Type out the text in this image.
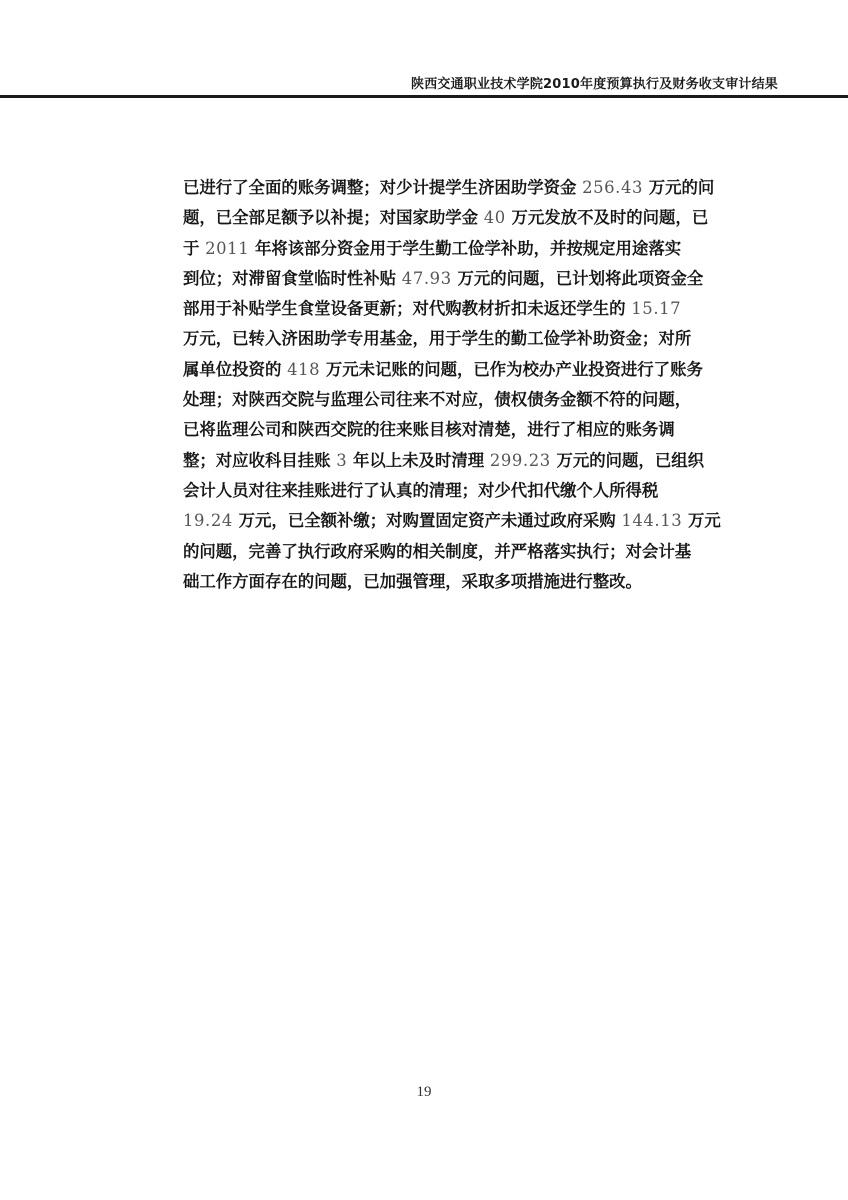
陕西交通职业技术学院2010年度预算执行及财务收支审计结果
已进行了全面的账务调整；对少计提学生济困助学资金 256.43 万元的问
题，已全部足额予以补提；对国家助学金 40 万元发放不及时的问题，已
于 2011 年将该部分资金用于学生勤工俭学补助，并按规定用途落实
到位；对滞留食堂临时性补贴 47.93 万元的问题，已计划将此项资金全
部用于补贴学生食堂设备更新；对代购教材折扣未返还学生的 15.17
万元，已转入济困助学专用基金，用于学生的勤工俭学补助资金；对所
属单位投资的 418 万元未记账的问题，已作为校办产业投资进行了账务
处理；对陕西交院与监理公司往来不对应，债权债务金额不符的问题，
已将监理公司和陕西交院的往来账目核对清楚，进行了相应的账务调
整；对应收科目挂账 3 年以上未及时清理 299.23 万元的问题，已组织
会计人员对往来挂账进行了认真的清理；对少代扣代缴个人所得税
19.24 万元，已全额补缴；对购置固定资产未通过政府采购 144.13 万元
的问题，完善了执行政府采购的相关制度，并严格落实执行；对会计基
础工作方面存在的问题，已加强管理，采取多项措施进行整改。
19
